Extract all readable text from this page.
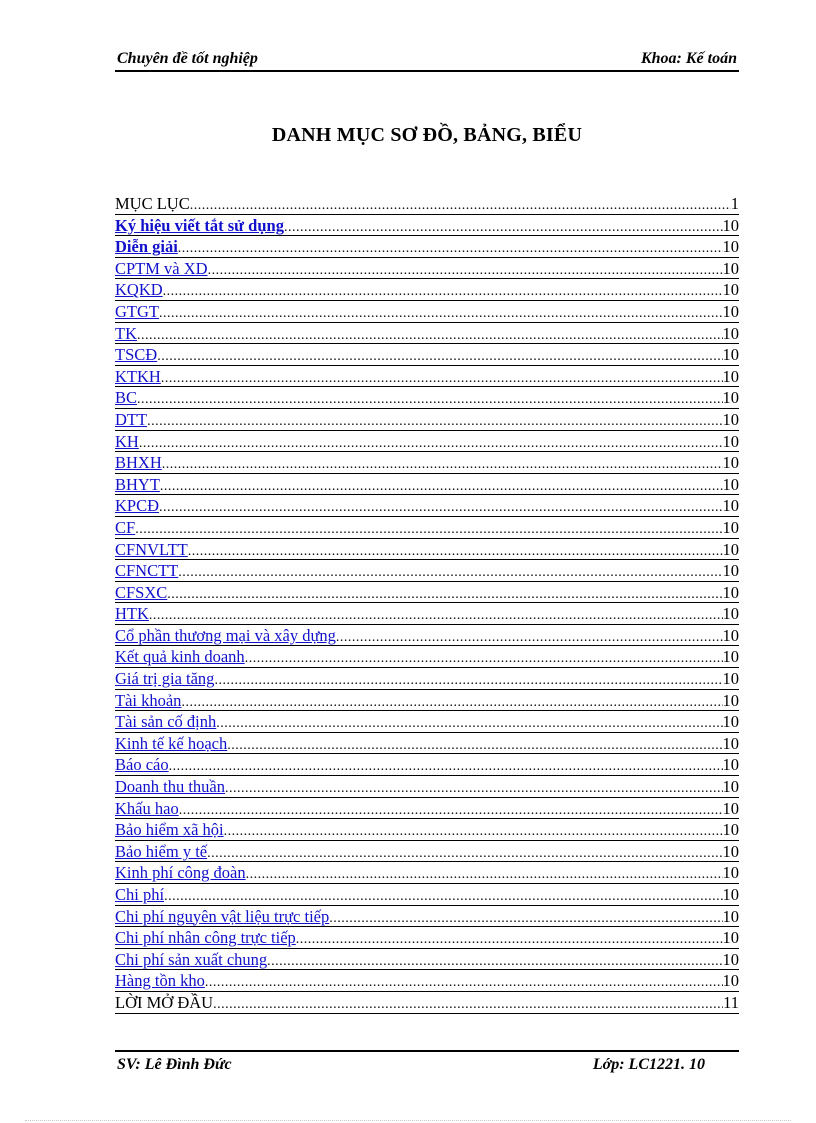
Chuyên đề tốt nghiệp	Khoa: Kế toán
DANH MỤC SƠ ĐỒ, BẢNG, BIỂU
MỤC LỤC .....	1
Ký hiệu viết tắt sử dụng .....	10
Diễn giải .....	10
CPTM và XD .....	10
KQKD .....	10
GTGT .....	10
TK .....	10
TSCĐ .....	10
KTKH .....	10
BC .....	10
DTT .....	10
KH .....	10
BHXH .....	10
BHYT .....	10
KPCĐ .....	10
CF .....	10
CFNVLTT .....	10
CFNCTT .....	10
CFSXC .....	10
HTK .....	10
Cổ phần thương mại và xây dựng .....	10
Kết quả kinh doanh .....	10
Giá trị gia tăng .....	10
Tài khoản .....	10
Tài sản cố định .....	10
Kinh tế kế hoạch .....	10
Báo cáo .....	10
Doanh thu thuần .....	10
Khấu hao .....	10
Bảo hiểm xã hội .....	10
Bảo hiểm y tế .....	10
Kinh phí công đoàn .....	10
Chi phí .....	10
Chi phí nguyên vật liệu trực tiếp .....	10
Chi phí nhân công trực tiếp .....	10
Chi phí sản xuất chung .....	10
Hàng tồn kho .....	10
LỜI MỞ ĐẦU .....	11
SV: Lê Đình Đức	Lớp: LC1221. 10
